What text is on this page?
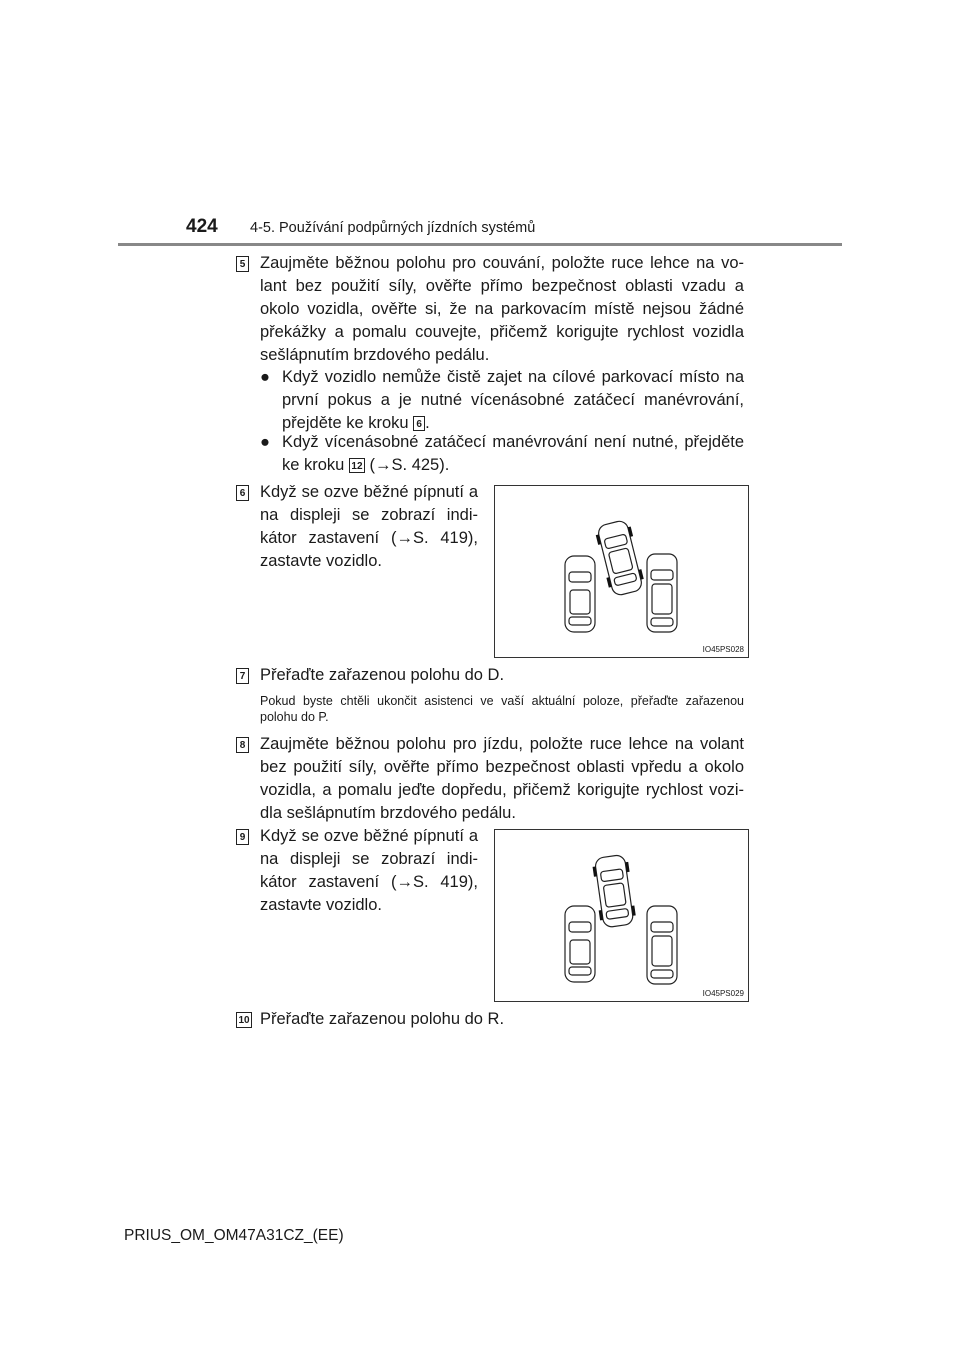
424 4-5. Používání podpůrných jízdních systémů
5 Zaujměte běžnou polohu pro couvání, položte ruce lehce na vo-lant bez použití síly, ověřte přímo bezpečnost oblasti vzadu a okolo vozidla, ověřte si, že na parkovacím místě nejsou žádné překážky a pomalu couvejte, přičemž korigujte rychlost vozidla sešlápnutím brzdového pedálu.
● Když vozidlo nemůže čistě zajet na cílové parkovací místo na první pokus a je nutné vícenásobné zatáčecí manévrování, přejděte ke kroku 6 .
● Když vícenásobné zatáčecí manévrování není nutné, přejděte ke kroku 12 (→S. 425).
6 Když se ozve běžné pípnutí a na displeji se zobrazí indi-kátor zastavení (→S. 419), zastavte vozidlo.
IO45PS028
7 Přeřaďte zařazenou polohu do D.
Pokud byste chtěli ukončit asistenci ve vaší aktuální poloze, přeřaďte zařazenou polohu do P.
8 Zaujměte běžnou polohu pro jízdu, položte ruce lehce na volant bez použití síly, ověřte přímo bezpečnost oblasti vpředu a okolo vozidla, a pomalu jeďte dopředu, přičemž korigujte rychlost vozi-dla sešlápnutím brzdového pedálu.
9 Když se ozve běžné pípnutí a na displeji se zobrazí indi-kátor zastavení (→S. 419), zastavte vozidlo.
IO45PS029
10 Přeřaďte zařazenou polohu do R.
PRIUS_OM_OM47A31CZ_(EE)
